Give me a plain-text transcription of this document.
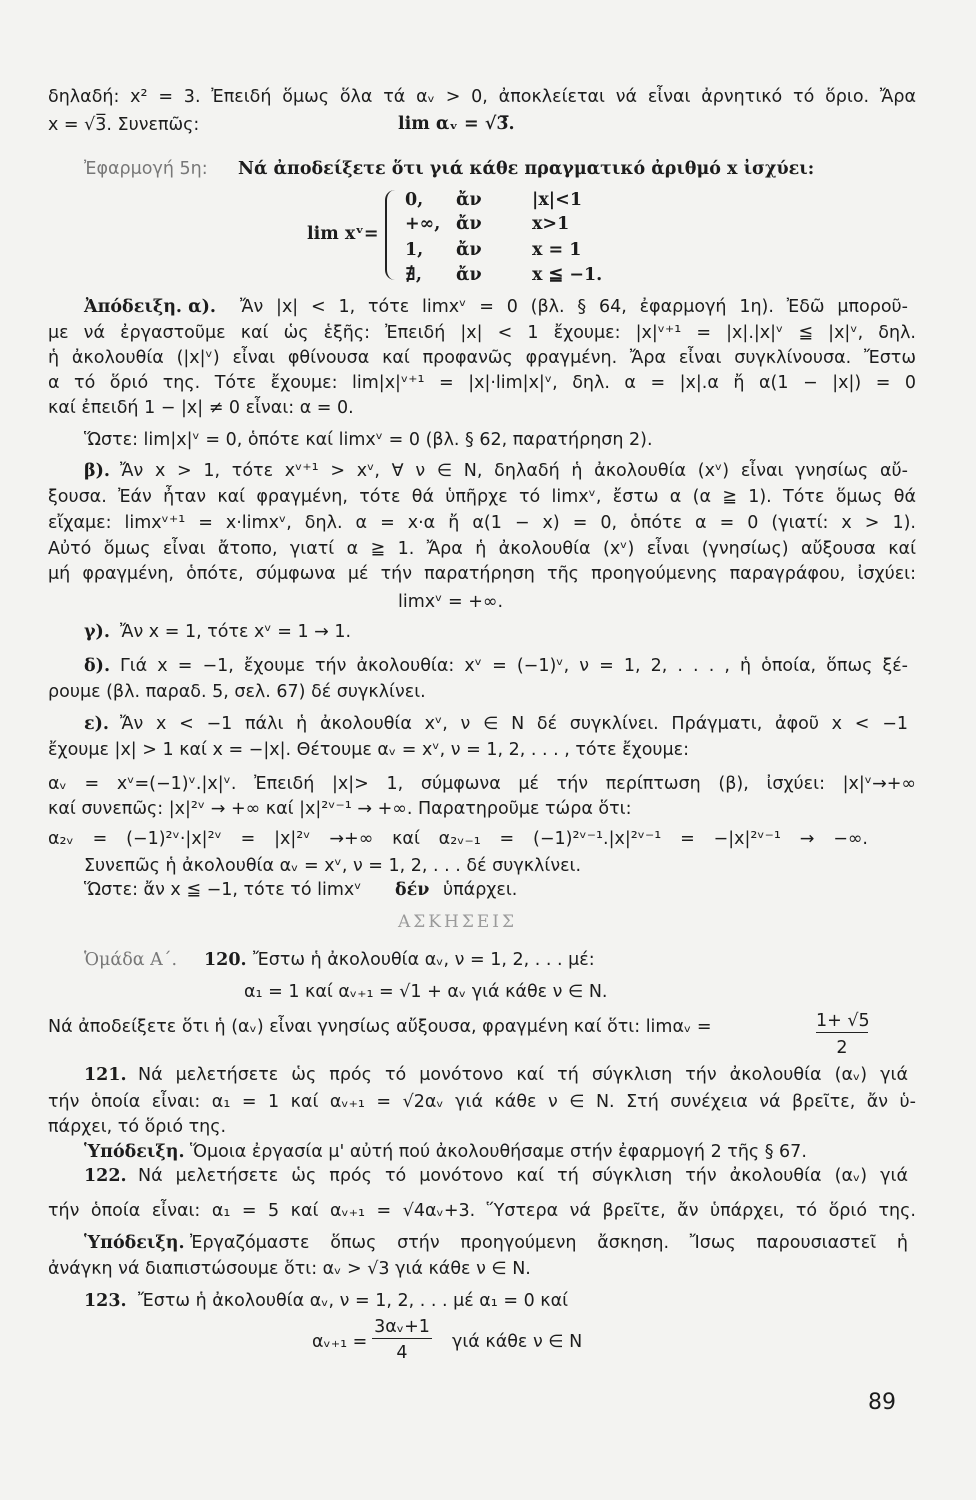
δηλαδή: x² = 3. Ἐπειδή ὅμως ὅλα τά αᵥ > 0, ἀποκλείεται νά εἶναι ἀρνητικό τό ὅριο. Ἄρα
x = √3̅. Συνεπῶς:	lim αᵥ = √3̅.
Ἐφαρμογή 5η: Νά ἀποδείξετε ὅτι γιά κάθε πραγματικό ἀριθμό x ἰσχύει:
lim xᵛ=
0, ἄν	|x|<1
+∞, ἄν	x>1
1, ἄν	x = 1
∄, ἄν	x ≦ −1.
Ἀπόδειξη. α). Ἄν |x| < 1, τότε limxᵛ = 0 (βλ. § 64, ἐφαρμογή 1η). Ἐδῶ μποροῦ-
με νά ἐργαστοῦμε καί ὡς ἑξῆς: Ἐπειδή |x| < 1 ἔχουμε: |x|ᵛ⁺¹ = |x|.|x|ᵛ ≦ |x|ᵛ, δηλ.
ἡ ἀκολουθία (|x|ᵛ) εἶναι φθίνουσα καί προφανῶς φραγμένη. Ἄρα εἶναι συγκλίνουσα. Ἔστω
α τό ὅριό της. Τότε ἔχουμε: lim|x|ᵛ⁺¹ = |x|·lim|x|ᵛ, δηλ. α = |x|.α ἤ α(1 − |x|) = 0
καί ἐπειδή 1 − |x| ≠ 0 εἶναι: α = 0.
Ὥστε: lim|x|ᵛ = 0, ὁπότε καί limxᵛ = 0 (βλ. § 62, παρατήρηση 2).
β). Ἄν x > 1, τότε xᵛ⁺¹ > xᵛ, ∀ ν ∈ N, δηλαδή ἡ ἀκολουθία (xᵛ) εἶναι γνησίως αὔ-
ξουσα. Ἐάν ἦταν καί φραγμένη, τότε θά ὑπῆρχε τό limxᵛ, ἔστω α (α ≧ 1). Τότε ὅμως θά
εἴχαμε: limxᵛ⁺¹ = x·limxᵛ, δηλ. α = x·α ἤ α(1 − x) = 0, ὁπότε α = 0 (γιατί: x > 1).
Αὐτό ὅμως εἶναι ἄτοπο, γιατί α ≧ 1. Ἄρα ἡ ἀκολουθία (xᵛ) εἶναι (γνησίως) αὔξουσα καί
μή φραγμένη, ὁπότε, σύμφωνα μέ τήν παρατήρηση τῆς προηγούμενης παραγράφου, ἰσχύει:
limxᵛ = +∞.
γ). Ἄν x = 1, τότε xᵛ = 1 → 1.
δ). Γιά x = −1, ἔχουμε τήν ἀκολουθία: xᵛ = (−1)ᵛ, ν = 1, 2, . . . , ἡ ὁποία, ὅπως ξέ-
ρουμε (βλ. παραδ. 5, σελ. 67) δέ συγκλίνει.
ε). Ἄν x < −1 πάλι ἡ ἀκολουθία xᵛ, ν ∈ N δέ συγκλίνει. Πράγματι, ἀφοῦ x < −1
ἔχουμε |x| > 1 καί x = −|x|. Θέτουμε αᵥ = xᵛ, ν = 1, 2, . . . , τότε ἔχουμε:
αᵥ = xᵛ=(−1)ᵛ.|x|ᵛ. Ἐπειδή |x|> 1, σύμφωνα μέ τήν περίπτωση (β), ἰσχύει: |x|ᵛ→+∞
καί συνεπῶς: |x|²ᵛ → +∞ καί |x|²ᵛ⁻¹ → +∞. Παρατηροῦμε τώρα ὅτι:
α₂ᵥ = (−1)²ᵛ·|x|²ᵛ = |x|²ᵛ →+∞ καί α₂ᵥ₋₁ = (−1)²ᵛ⁻¹.|x|²ᵛ⁻¹ = −|x|²ᵛ⁻¹ → −∞.
Συνεπῶς ἡ ἀκολουθία αᵥ = xᵛ, ν = 1, 2, . . . δέ συγκλίνει.
Ὥστε: ἄν x ≦ −1, τότε τό limxᵛ δέν ὑπάρχει.
ΑΣΚΗΣΕΙΣ
Ὁμάδα Α΄. 120. Ἔστω ἡ ἀκολουθία αᵥ, ν = 1, 2, . . . μέ:
α₁ = 1 καί αᵥ₊₁ = √1 + αᵥ γιά κάθε ν ∈ N.
Νά ἀποδείξετε ὅτι ἡ (αᵥ) εἶναι γνησίως αὔξουσα, φραγμένη καί ὅτι: limαᵥ =	1+ √5
2
121. Νά μελετήσετε ὡς πρός τό μονότονο καί τή σύγκλιση τήν ἀκολουθία (αᵥ) γιά
τήν ὁποία εἶναι: α₁ = 1 καί αᵥ₊₁ = √2αᵥ γιά κάθε ν ∈ N. Στή συνέχεια νά βρεῖτε, ἄν ὑ-
πάρχει, τό ὅριό της.
Ὑπόδειξη. Ὅμοια ἐργασία μ' αὐτή πού ἀκολουθήσαμε στήν ἐφαρμογή 2 τῆς § 67.
122. Νά μελετήσετε ὡς πρός τό μονότονο καί τή σύγκλιση τήν ἀκολουθία (αᵥ) γιά
τήν ὁποία εἶναι: α₁ = 5 καί αᵥ₊₁ = √4αᵥ+3. Ὕστερα νά βρεῖτε, ἄν ὑπάρχει, τό ὅριό της.
Ὑπόδειξη. Ἐργαζόμαστε ὅπως στήν προηγούμενη ἄσκηση. Ἴσως παρουσιαστεῖ ἡ
ἀνάγκη νά διαπιστώσουμε ὅτι: αᵥ > √3 γιά κάθε ν ∈ N.
123. Ἔστω ἡ ἀκολουθία αᵥ, ν = 1, 2, . . . μέ α₁ = 0 καί
αᵥ₊₁ =
3αᵥ+1
4
γιά κάθε ν ∈ N
89
